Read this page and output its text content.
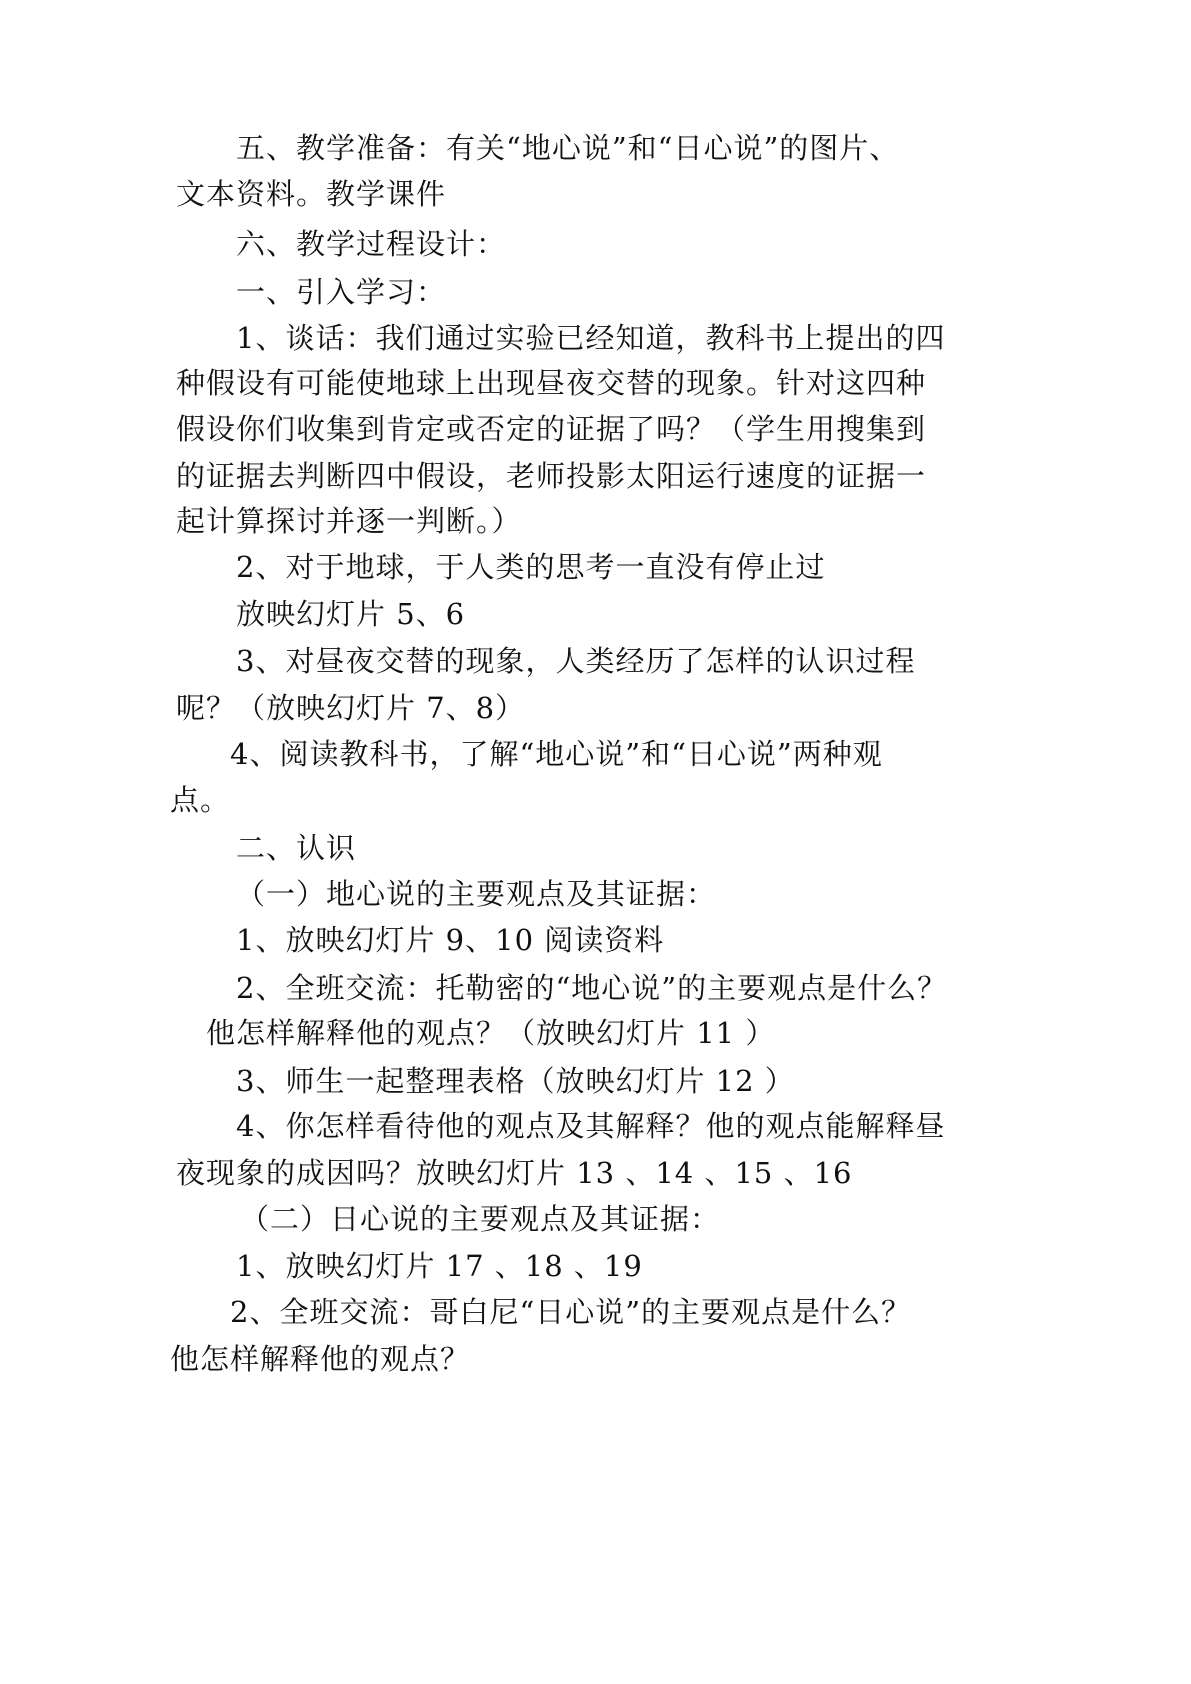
五、教学准备：有关“地心说”和“日心说”的图片、
文本资料。教学课件
六、教学过程设计：
一、引入学习：
1、谈话：我们通过实验已经知道，教科书上提出的四
种假设有可能使地球上出现昼夜交替的现象。针对这四种
假设你们收集到肯定或否定的证据了吗？（学生用搜集到
的证据去判断四中假设，老师投影太阳运行速度的证据一
起计算探讨并逐一判断。）
2、对于地球，于人类的思考一直没有停止过
放映幻灯片 5、6
3、对昼夜交替的现象，人类经历了怎样的认识过程
呢？（放映幻灯片 7、8）
4、阅读教科书，了解“地心说”和“日心说”两种观
点。
二、认识
（一）地心说的主要观点及其证据：
1、放映幻灯片 9、10 阅读资料
2、全班交流：托勒密的“地心说”的主要观点是什么？
他怎样解释他的观点？（放映幻灯片 11 ）
3、师生一起整理表格（放映幻灯片 12 ）
4、你怎样看待他的观点及其解释？他的观点能解释昼
夜现象的成因吗？放映幻灯片 13 、14 、15 、16
（二）日心说的主要观点及其证据：
1、放映幻灯片 17 、18 、19
2、全班交流：哥白尼“日心说”的主要观点是什么？
他怎样解释他的观点？
